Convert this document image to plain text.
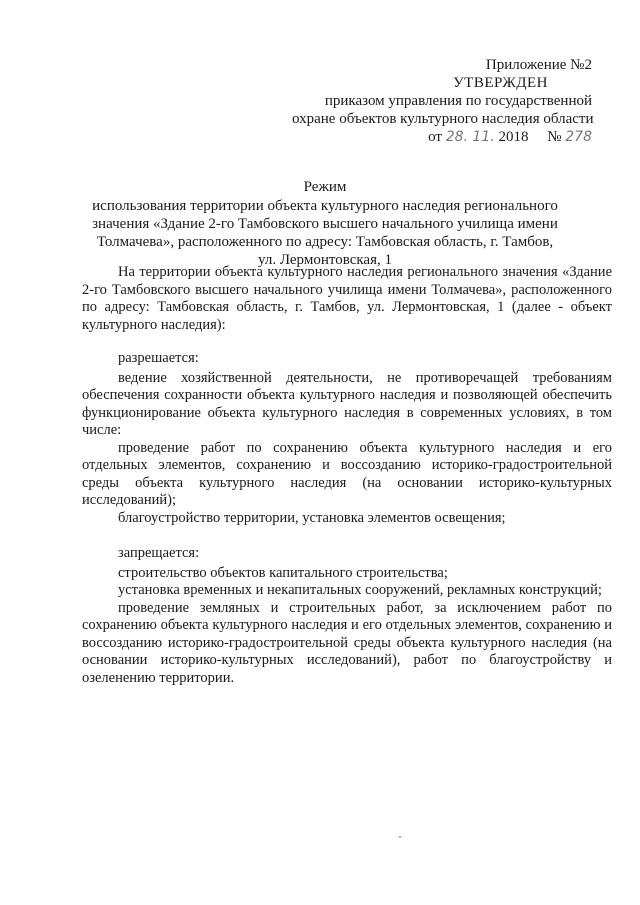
Приложение №2
УТВЕРЖДЕН
приказом управления по государственной
охране объектов культурного наследия области
от 28. 11. 2018 № 278
Режим
использования территории объекта культурного наследия регионального
значения «Здание 2-го Тамбовского высшего начального училища имени
Толмачева», расположенного по адресу: Тамбовская область, г. Тамбов,
ул. Лермонтовская, 1

На территории объекта культурного наследия регионального значения «Здание 2-го Тамбовского высшего начального училища имени Толмачева», расположенного по адресу: Тамбовская область, г. Тамбов, ул. Лермонтовская, 1 (далее - объект культурного наследия):

разрешается:

ведение хозяйственной деятельности, не противоречащей требованиям обеспечения сохранности объекта культурного наследия и позволяющей обеспечить функционирование объекта культурного наследия в современных условиях, в том числе:

проведение работ по сохранению объекта культурного наследия и его отдельных элементов, сохранению и воссозданию историко-градостроительной среды объекта культурного наследия (на основании историко-культурных исследований);

благоустройство территории, установка элементов освещения;

запрещается:

строительство объектов капитального строительства;

установка временных и некапитальных сооружений, рекламных конструкций;

проведение земляных и строительных работ, за исключением работ по сохранению объекта культурного наследия и его отдельных элементов, сохранению и воссозданию историко-градостроительной среды объекта культурного наследия (на основании историко-культурных исследований), работ по благоустройству и озеленению территории.
